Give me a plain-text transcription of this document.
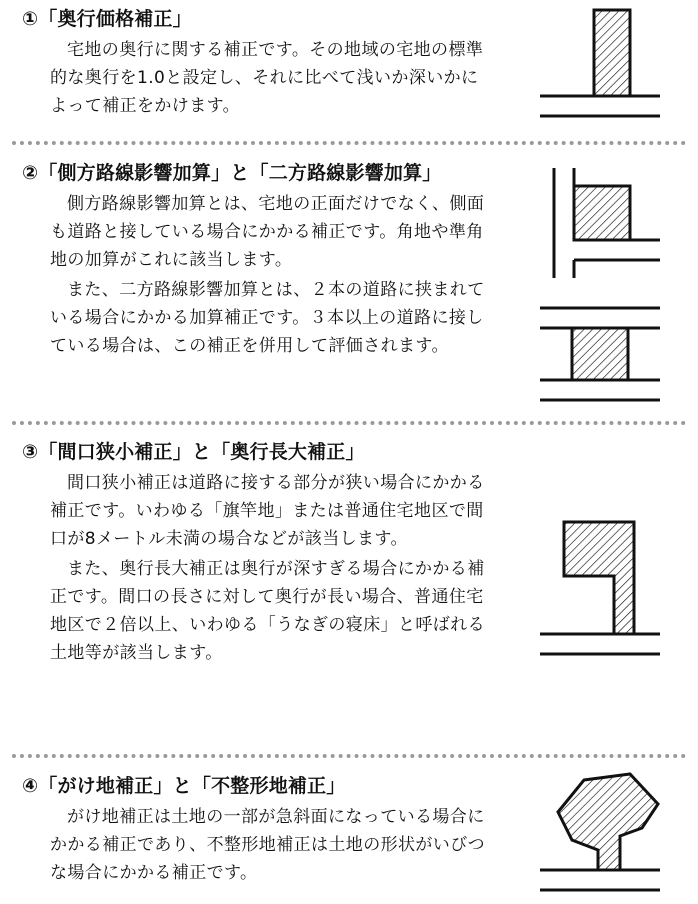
①「奥行価格補正」

宅地の奥行に関する補正です。その地域の宅地の標準的な奥行を1.0と設定し、それに比べて浅いか深いかによって補正をかけます。

②「側方路線影響加算」と「二方路線影響加算」

側方路線影響加算とは、宅地の正面だけでなく、側面も道路と接している場合にかかる補正です。角地や準角地の加算がこれに該当します。

また、二方路線影響加算とは、２本の道路に挟まれている場合にかかる加算補正です。３本以上の道路に接している場合は、この補正を併用して評価されます。

③「間口狭小補正」と「奥行長大補正」

間口狭小補正は道路に接する部分が狭い場合にかかる補正です。いわゆる「旗竿地」または普通住宅地区で間口が8メートル未満の場合などが該当します。

また、奥行長大補正は奥行が深すぎる場合にかかる補正です。間口の長さに対して奥行が長い場合、普通住宅地区で２倍以上、いわゆる「うなぎの寝床」と呼ばれる土地等が該当します。

④「がけ地補正」と「不整形地補正」

がけ地補正は土地の一部が急斜面になっている場合にかかる補正であり、不整形地補正は土地の形状がいびつな場合にかかる補正です。
